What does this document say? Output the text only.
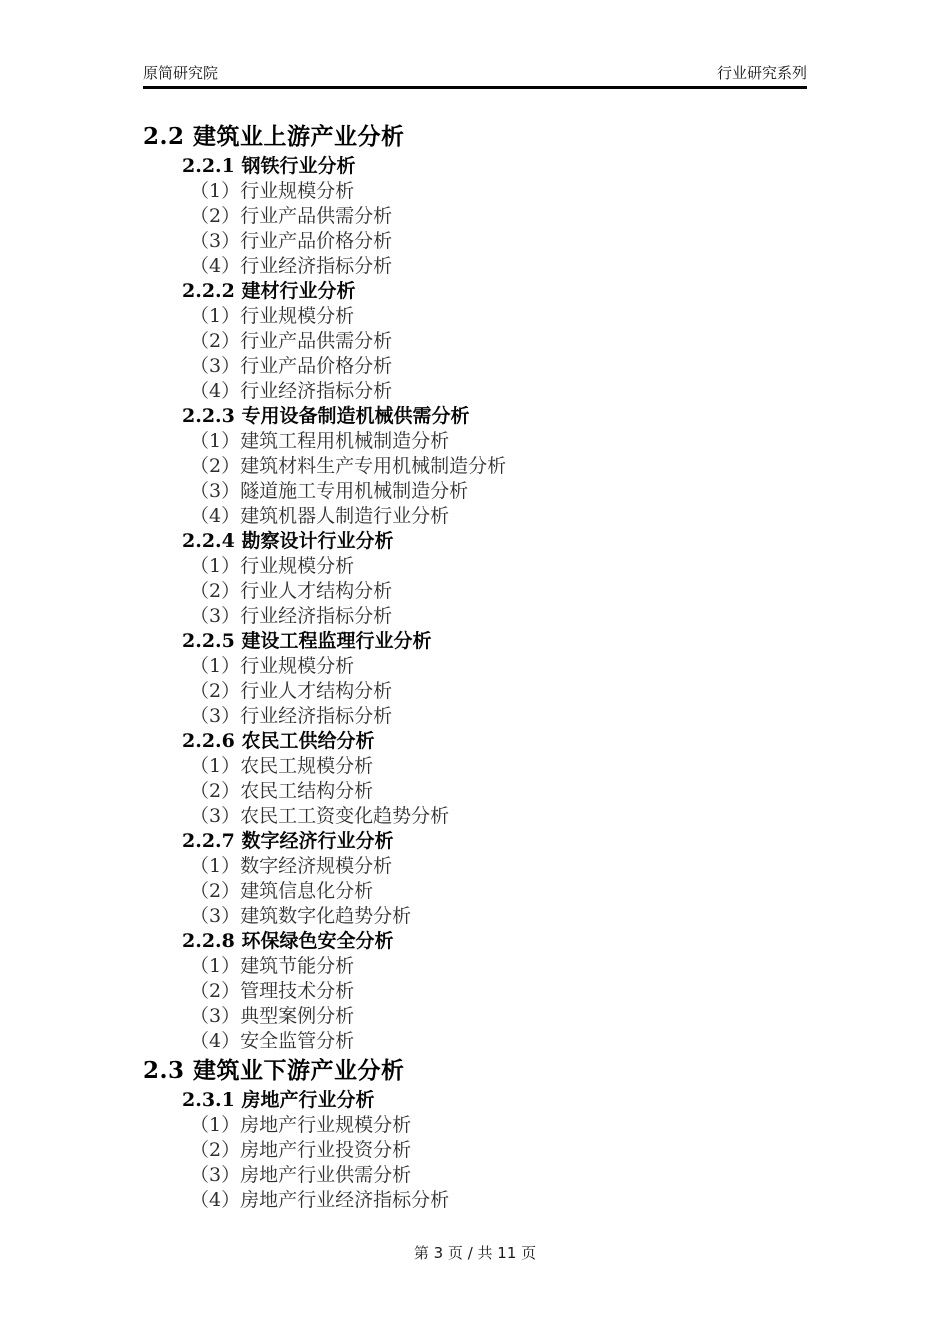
原简研究院	行业研究系列
2.2 建筑业上游产业分析
2.2.1 钢铁行业分析
（1）行业规模分析
（2）行业产品供需分析
（3）行业产品价格分析
（4）行业经济指标分析
2.2.2 建材行业分析
（1）行业规模分析
（2）行业产品供需分析
（3）行业产品价格分析
（4）行业经济指标分析
2.2.3 专用设备制造机械供需分析
（1）建筑工程用机械制造分析
（2）建筑材料生产专用机械制造分析
（3）隧道施工专用机械制造分析
（4）建筑机器人制造行业分析
2.2.4 勘察设计行业分析
（1）行业规模分析
（2）行业人才结构分析
（3）行业经济指标分析
2.2.5 建设工程监理行业分析
（1）行业规模分析
（2）行业人才结构分析
（3）行业经济指标分析
2.2.6 农民工供给分析
（1）农民工规模分析
（2）农民工结构分析
（3）农民工工资变化趋势分析
2.2.7 数字经济行业分析
（1）数字经济规模分析
（2）建筑信息化分析
（3）建筑数字化趋势分析
2.2.8 环保绿色安全分析
（1）建筑节能分析
（2）管理技术分析
（3）典型案例分析
（4）安全监管分析
2.3 建筑业下游产业分析
2.3.1 房地产行业分析
（1）房地产行业规模分析
（2）房地产行业投资分析
（3）房地产行业供需分析
（4）房地产行业经济指标分析
第 3 页 / 共 11 页
